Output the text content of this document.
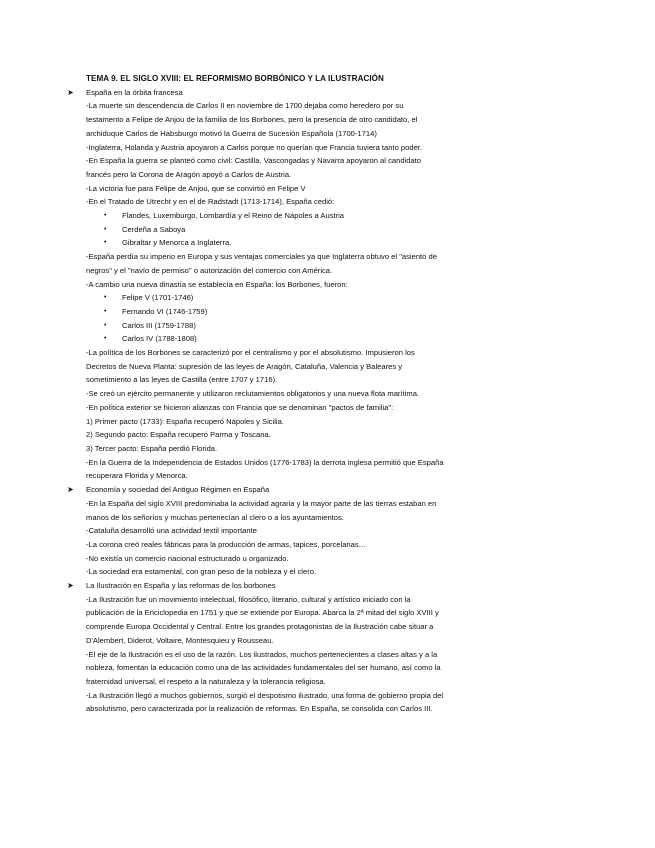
TEMA 9. EL SIGLO XVIII: EL REFORMISMO BORBÓNICO Y LA ILUSTRACIÓN
➤ España en la órbita francesa

-La muerte sin descendencia de Carlos II en noviembre de 1700 dejaba como heredero por su

testamento a Felipe de Anjou de la familia de los Borbones, pero la presencia de otro candidato, el

archiduque Carlos de Habsburgo motivó la Guerra de Sucesión Española (1700-1714)

-Inglaterra, Holanda y Austria apoyaron a Carlos porque no querían que Francia tuviera tanto poder.

-En España la guerra se planteó como civil: Castilla, Vascongadas y Navarra apoyaron al candidato

francés pero la Corona de Aragón apoyó a Carlos de Austria.

-La victoria fue para Felipe de Anjou, que se convirtió en Felipe V

-En el Tratado de Utrecht y en el de Radstadt (1713-1714), España cedió:

• Flandes, Luxemburgo, Lombardía y el Reino de Nápoles a Austria
• Cerdeña a Saboya
• Gibraltar y Menorca a Inglaterra.

-España perdía su imperio en Europa y sus ventajas comerciales ya que Inglaterra obtuvo el "asiento de

negros" y el "navío de permiso" o autorización del comercio con América.

-A cambio una nueva dinastía se establecía en España: los Borbones, fueron:

• Felipe V (1701-1746)
• Fernando VI (1746-1759)
• Carlos III (1759-1788)
• Carlos IV (1788-1808)

-La política de los Borbones se caracterizó por el centralismo y por el absolutismo. Impusieron los

Decretos de Nueva Planta: supresión de las leyes de Aragón, Cataluña, Valencia y Baleares y

sometimiento a las leyes de Castilla (entre 1707 y 1716).

-Se creó un ejército permanente y utilizaron reclutamientos obligatorios y una nueva flota marítima.

-En política exterior se hicieron alianzas con Francia que se denominan "pactos de familia":

1) Primer pacto (1733): España recuperó Nápoles y Sicilia.

2) Segundo pacto: España recuperó Parma y Toscana.

3) Tercer pacto: España perdió Florida.

-En la Guerra de la Independencia de Estados Unidos (1776-1783) la derrota inglesa permitió que España

recuperara Florida y Menorca.

➤ Economía y sociedad del Antiguo Régimen en España

-En la España del siglo XVIII predominaba la actividad agraria y la mayor parte de las tierras estaban en

manos de los señoríos y muchas pertenecían al clero o a los ayuntamientos.

-Cataluña desarrolló una actividad textil importante

-La corona creó reales fábricas para la producción de armas, tapices, porcelanas…

-No existía un comercio nacional estructurado u organizado.

-La sociedad era estamental, con gran peso de la nobleza y el clero.

➤ La Ilustración en España y las reformas de los borbones

-La Ilustración fue un movimiento intelectual, filosófico, literario, cultural y artístico iniciado con la

publicación de la Enciclopedia en 1751 y que se extiende por Europa. Abarca la 2ª mitad del siglo XVIII y

comprende Europa Occidental y Central. Entre los grandes protagonistas de la Ilustración cabe situar a

D'Alembert, Diderot, Voltaire, Montesquieu y Rousseau.

-El eje de la Ilustración es el uso de la razón. Los ilustrados, muchos pertenecientes a clases altas y a la

nobleza, fomentan la educación como una de las actividades fundamentales del ser humano, así como la

fraternidad universal, el respeto a la naturaleza y la tolerancia religiosa.

-La Ilustración llegó a muchos gobiernos, surgió el despotismo ilustrado, una forma de gobierno propia del

absolutismo, pero caracterizada por la realización de reformas. En España, se consolida con Carlos III.
